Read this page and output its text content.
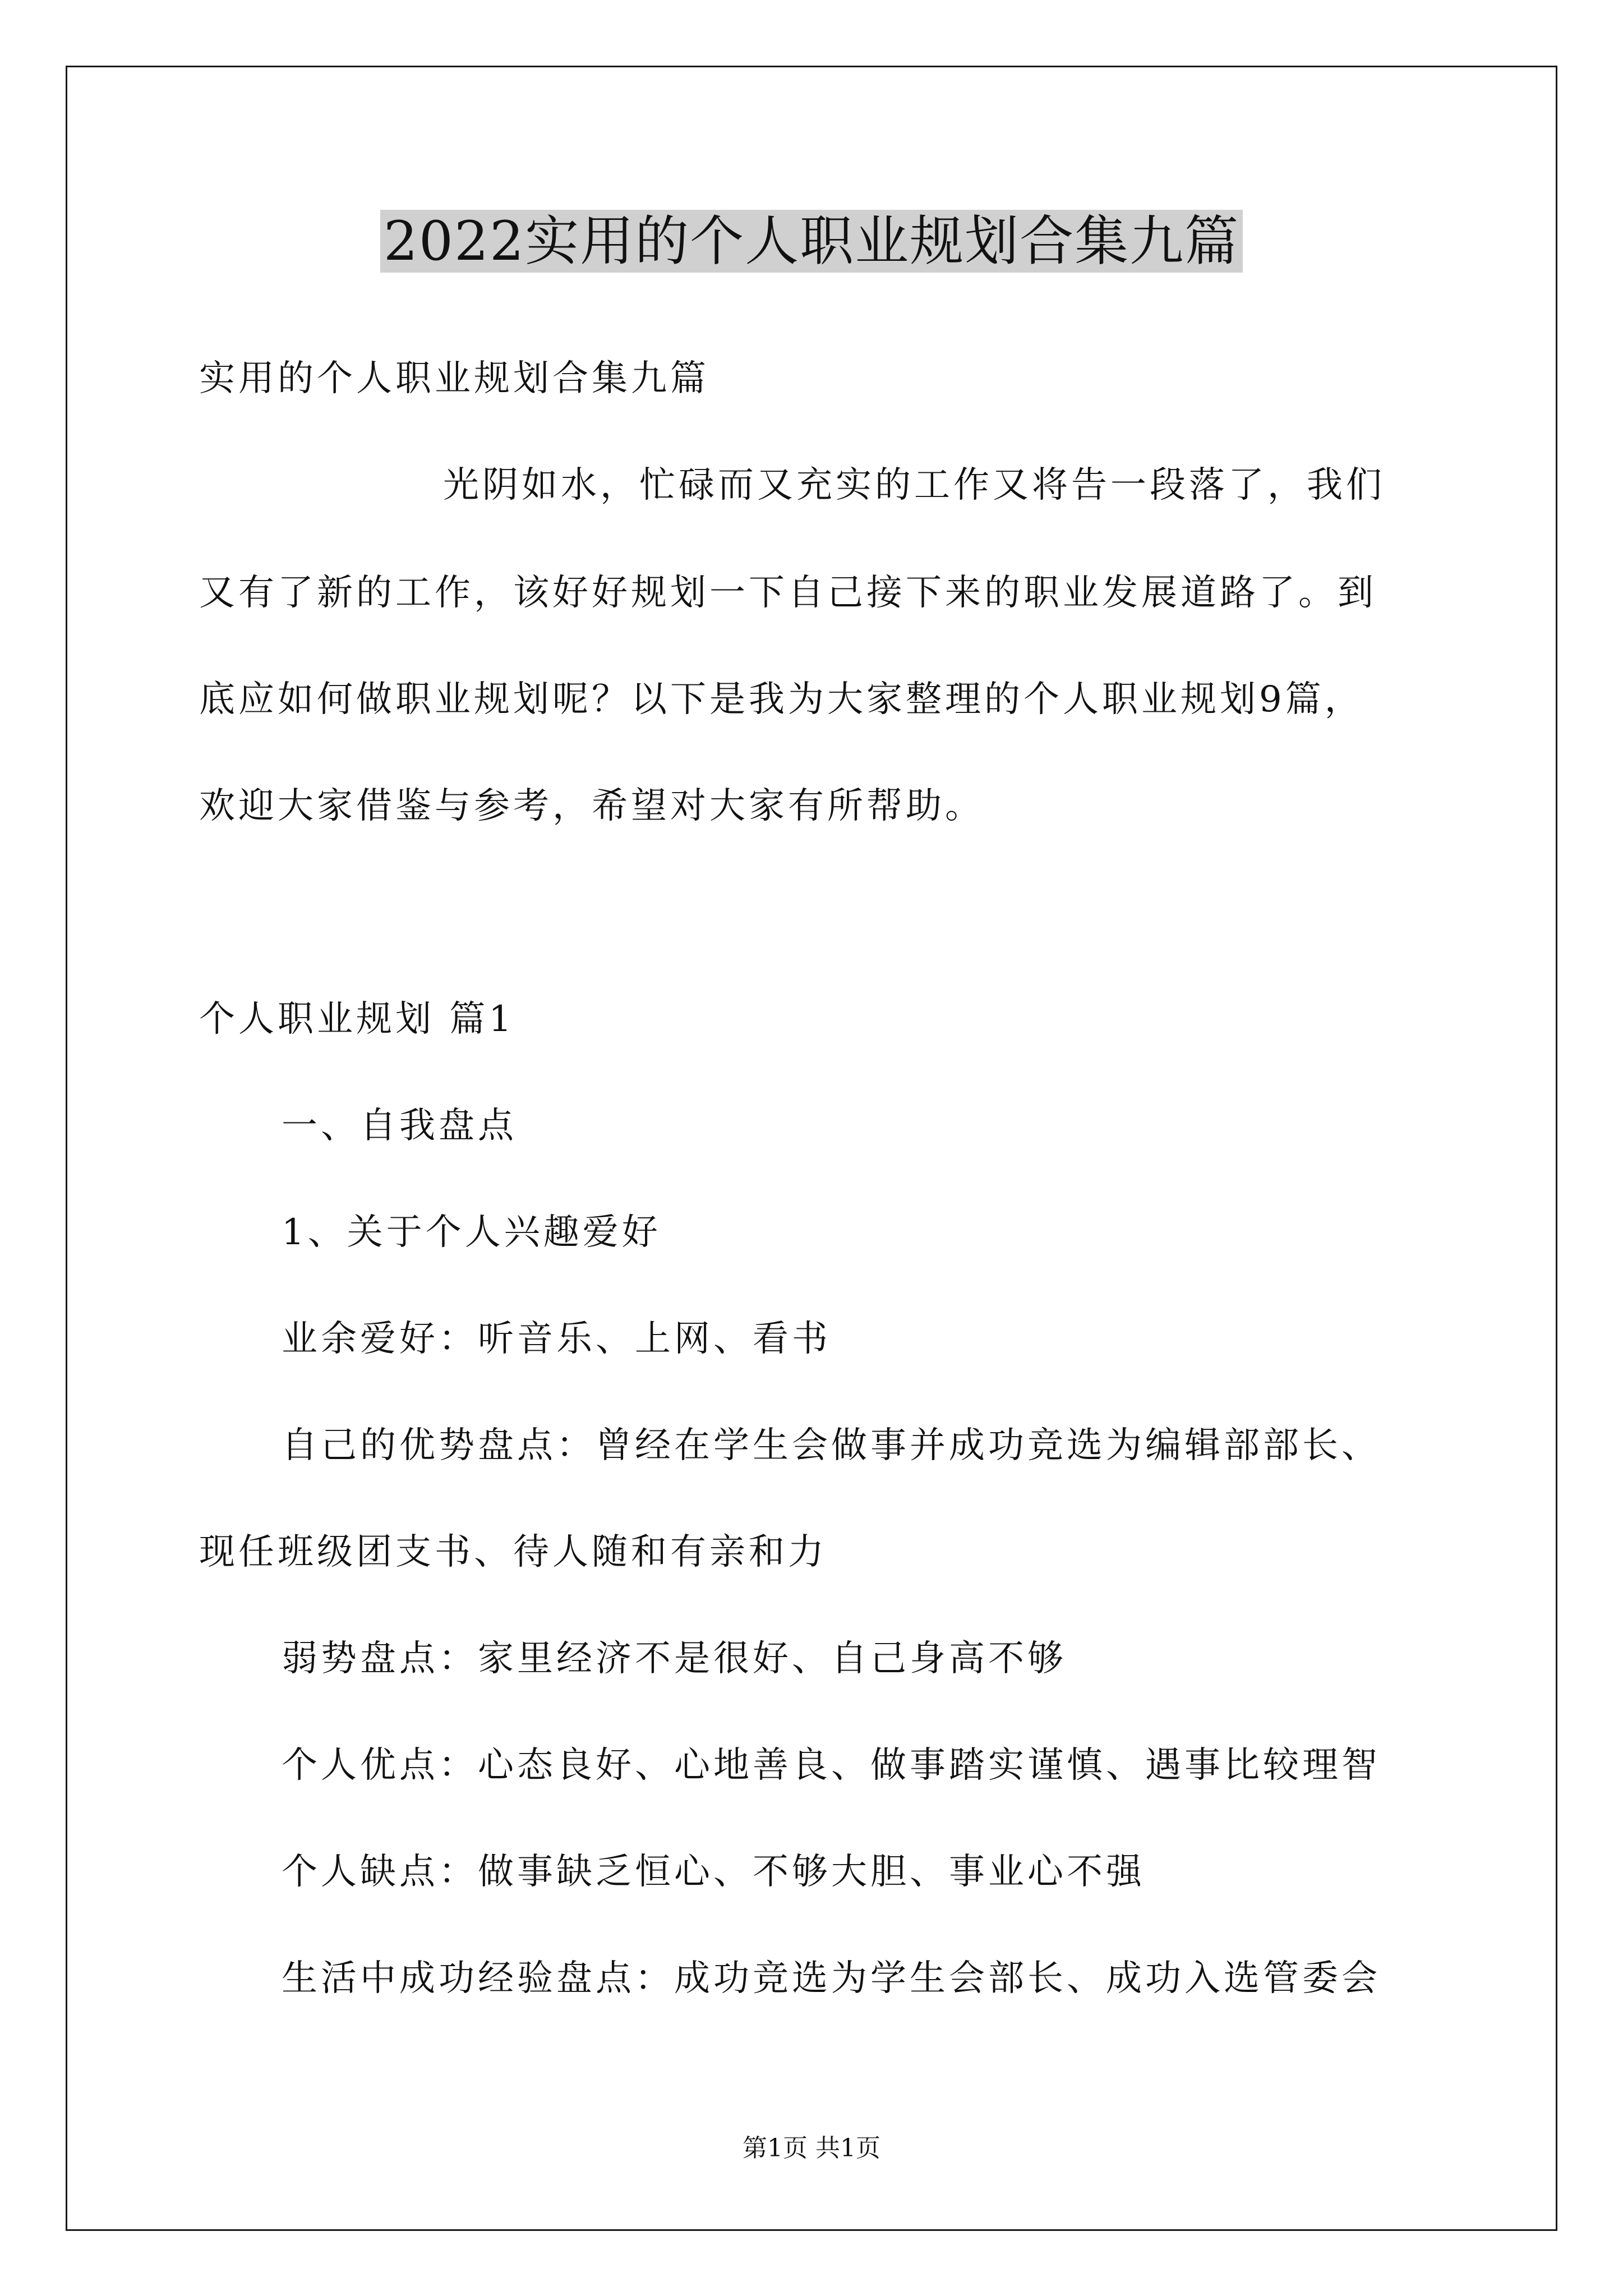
2022实用的个人职业规划合集九篇
实用的个人职业规划合集九篇
光阴如水，忙碌而又充实的工作又将告一段落了，我们
又有了新的工作，该好好规划一下自己接下来的职业发展道路了。到
底应如何做职业规划呢？以下是我为大家整理的个人职业规划9篇，
欢迎大家借鉴与参考，希望对大家有所帮助。
个人职业规划 篇1
一、自我盘点
1、关于个人兴趣爱好
业余爱好：听音乐、上网、看书
自己的优势盘点：曾经在学生会做事并成功竞选为编辑部部长、
现任班级团支书、待人随和有亲和力
弱势盘点：家里经济不是很好、自己身高不够
个人优点：心态良好、心地善良、做事踏实谨慎、遇事比较理智
个人缺点：做事缺乏恒心、不够大胆、事业心不强
生活中成功经验盘点：成功竞选为学生会部长、成功入选管委会
第1页 共1页
